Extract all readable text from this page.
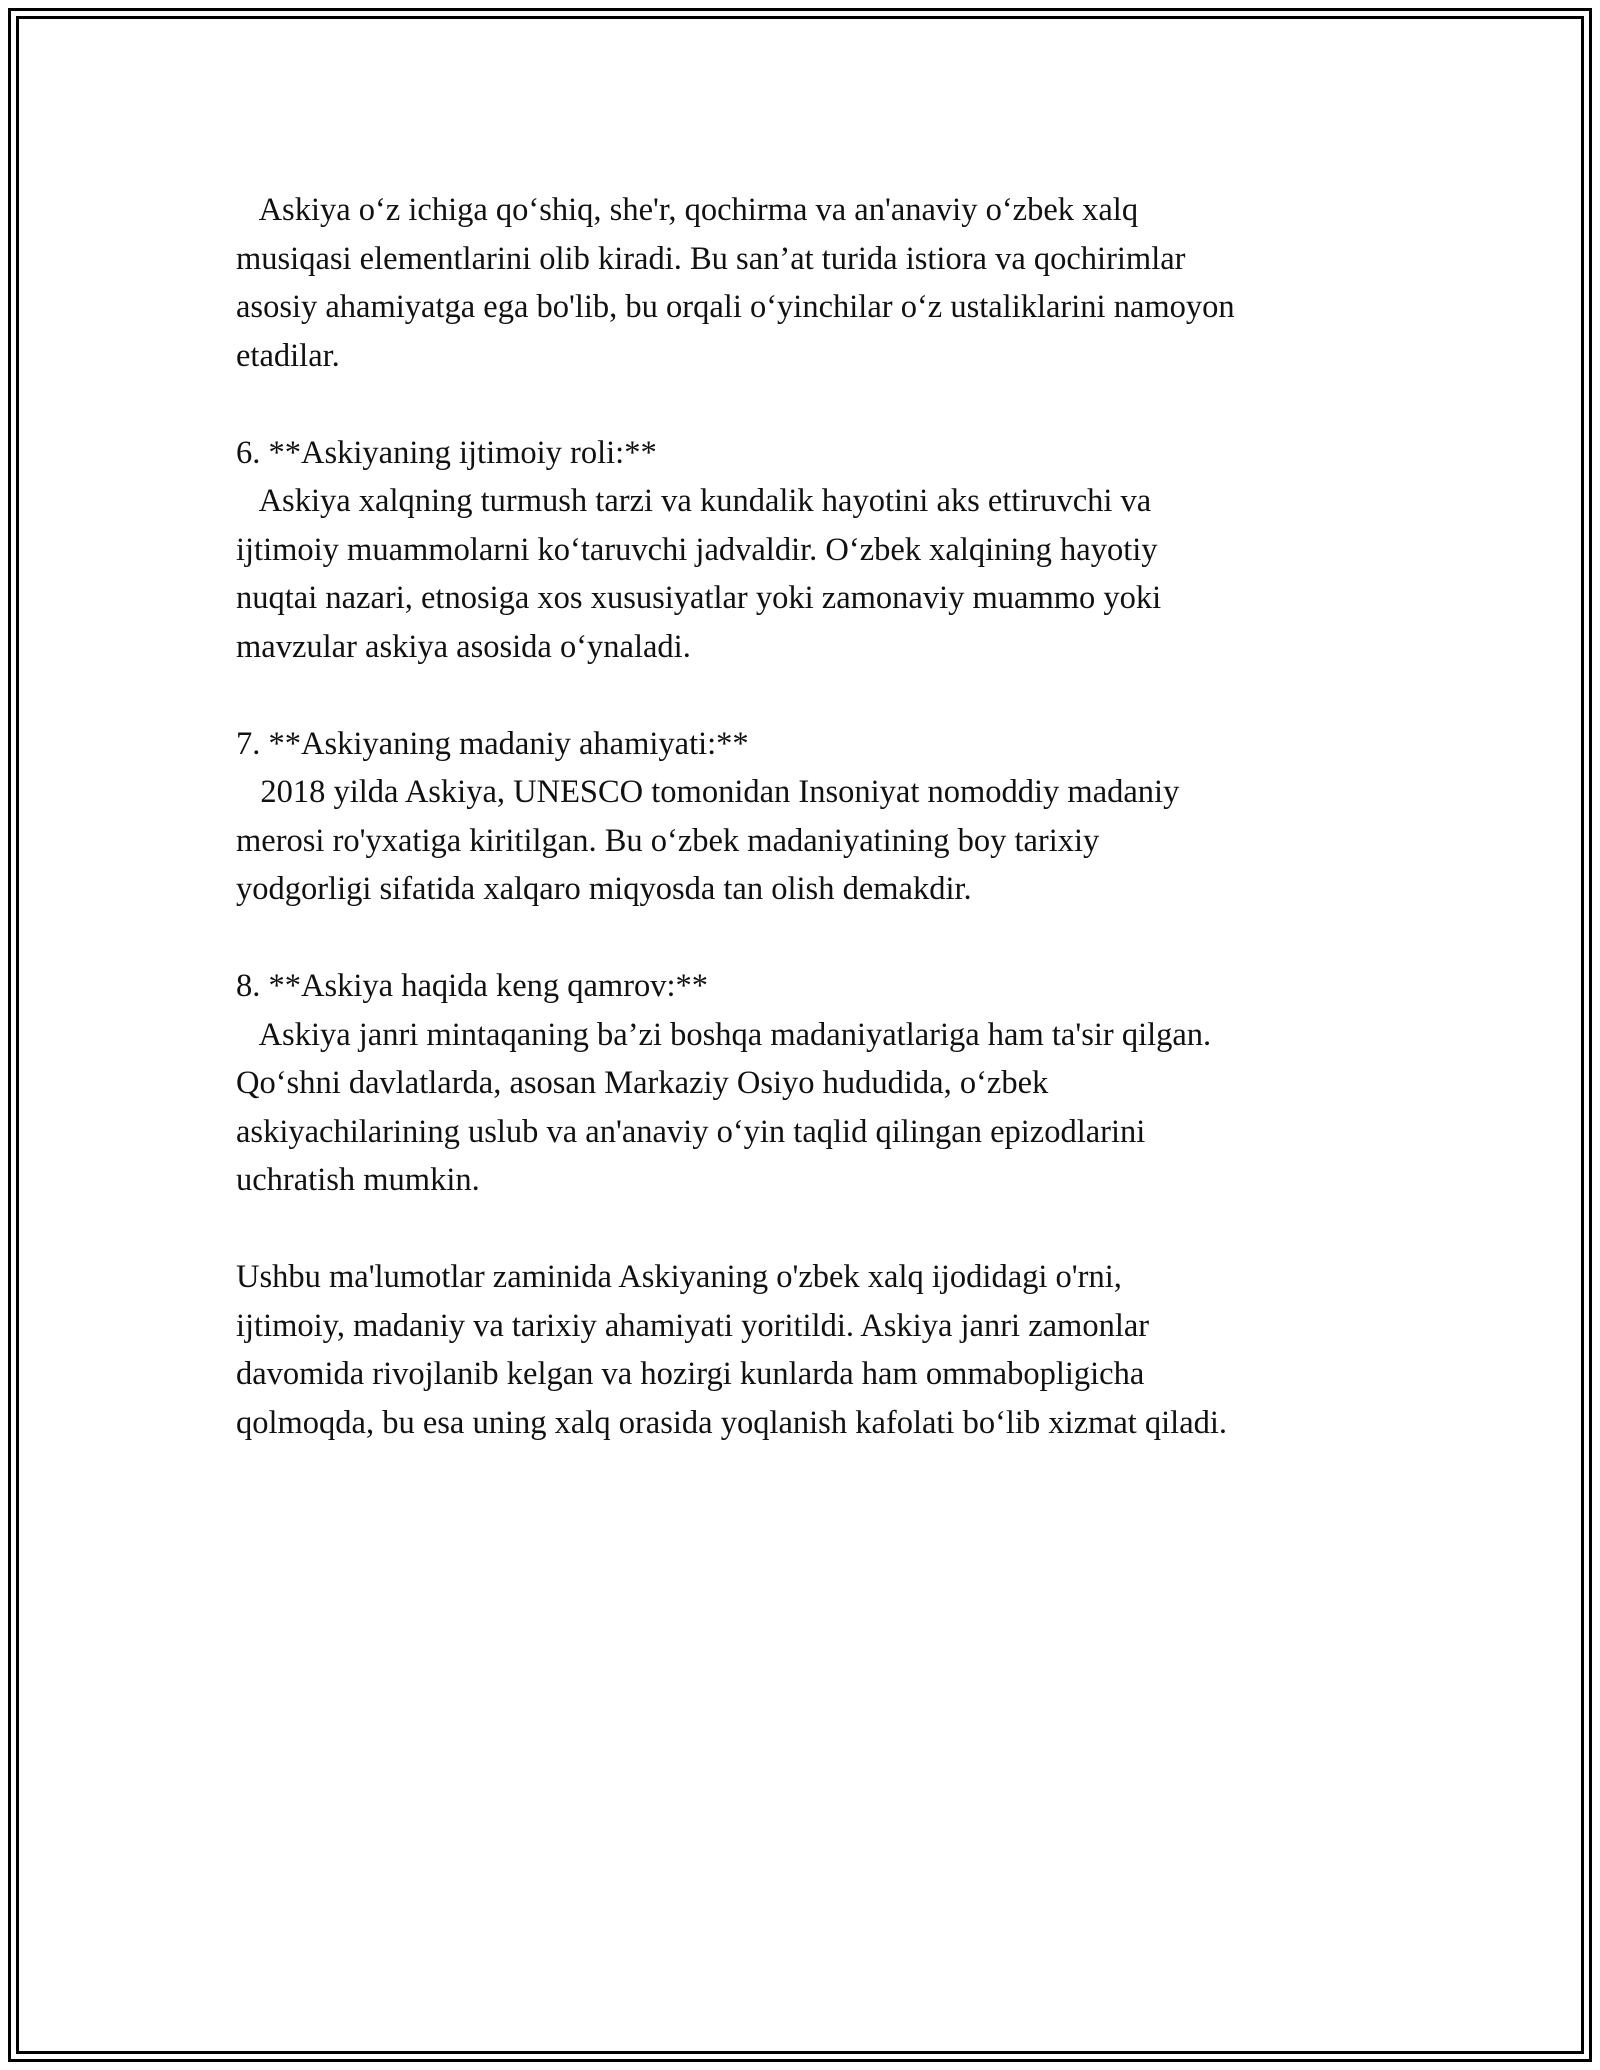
Askiya o‘z ichiga qo‘shiq, she'r, qochirma va an'anaviy o‘zbek xalq
musiqasi elementlarini olib kiradi. Bu san’at turida istiora va qochirimlar
asosiy ahamiyatga ega bo'lib, bu orqali o‘yinchilar o‘z ustaliklarini namoyon
etadilar.
6. **Askiyaning ijtimoiy roli:**
Askiya xalqning turmush tarzi va kundalik hayotini aks ettiruvchi va
ijtimoiy muammolarni ko‘taruvchi jadvaldir. O‘zbek xalqining hayotiy
nuqtai nazari, etnosiga xos xususiyatlar yoki zamonaviy muammo yoki
mavzular askiya asosida o‘ynaladi.
7. **Askiyaning madaniy ahamiyati:**
2018 yilda Askiya, UNESCO tomonidan Insoniyat nomoddiy madaniy
merosi ro'yxatiga kiritilgan. Bu o‘zbek madaniyatining boy tarixiy
yodgorligi sifatida xalqaro miqyosda tan olish demakdir.
8. **Askiya haqida keng qamrov:**
Askiya janri mintaqaning ba’zi boshqa madaniyatlariga ham ta'sir qilgan.
Qo‘shni davlatlarda, asosan Markaziy Osiyo hududida, o‘zbek
askiyachilarining uslub va an'anaviy o‘yin taqlid qilingan epizodlarini
uchratish mumkin.
Ushbu ma'lumotlar zaminida Askiyaning o'zbek xalq ijodidagi o'rni,
ijtimoiy, madaniy va tarixiy ahamiyati yoritildi. Askiya janri zamonlar
davomida rivojlanib kelgan va hozirgi kunlarda ham ommabopligicha
qolmoqda, bu esa uning xalq orasida yoqlanish kafolati bo‘lib xizmat qiladi.
